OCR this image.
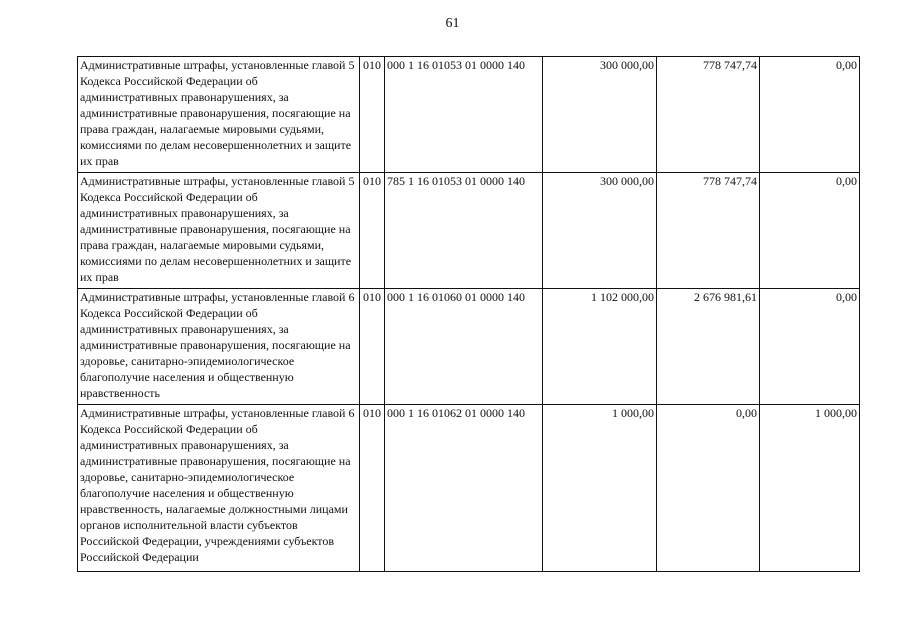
61
Административные штрафы, установленные главой 5 Кодекса Российской Федерации об административных правонарушениях, за административные правонарушения, посягающие на права граждан, налагаемые мировыми судьями, комиссиями по делам несовершеннолетних и защите их прав	010	000 1 16 01053 01 0000 140	300 000,00	778 747,74	0,00
Административные штрафы, установленные главой 5 Кодекса Российской Федерации об административных правонарушениях, за административные правонарушения, посягающие на права граждан, налагаемые мировыми судьями, комиссиями по делам несовершеннолетних и защите их прав	010	785 1 16 01053 01 0000 140	300 000,00	778 747,74	0,00
Административные штрафы, установленные главой 6 Кодекса Российской Федерации об административных правонарушениях, за административные правонарушения, посягающие на здоровье, санитарно-эпидемиологическое благополучие населения и общественную нравственность	010	000 1 16 01060 01 0000 140	1 102 000,00	2 676 981,61	0,00
Административные штрафы, установленные главой 6 Кодекса Российской Федерации об административных правонарушениях, за административные правонарушения, посягающие на здоровье, санитарно-эпидемиологическое благополучие населения и общественную нравственность, налагаемые должностными лицами органов исполнительной власти субъектов Российской Федерации, учреждениями субъектов Российской Федерации	010	000 1 16 01062 01 0000 140	1 000,00	0,00	1 000,00
